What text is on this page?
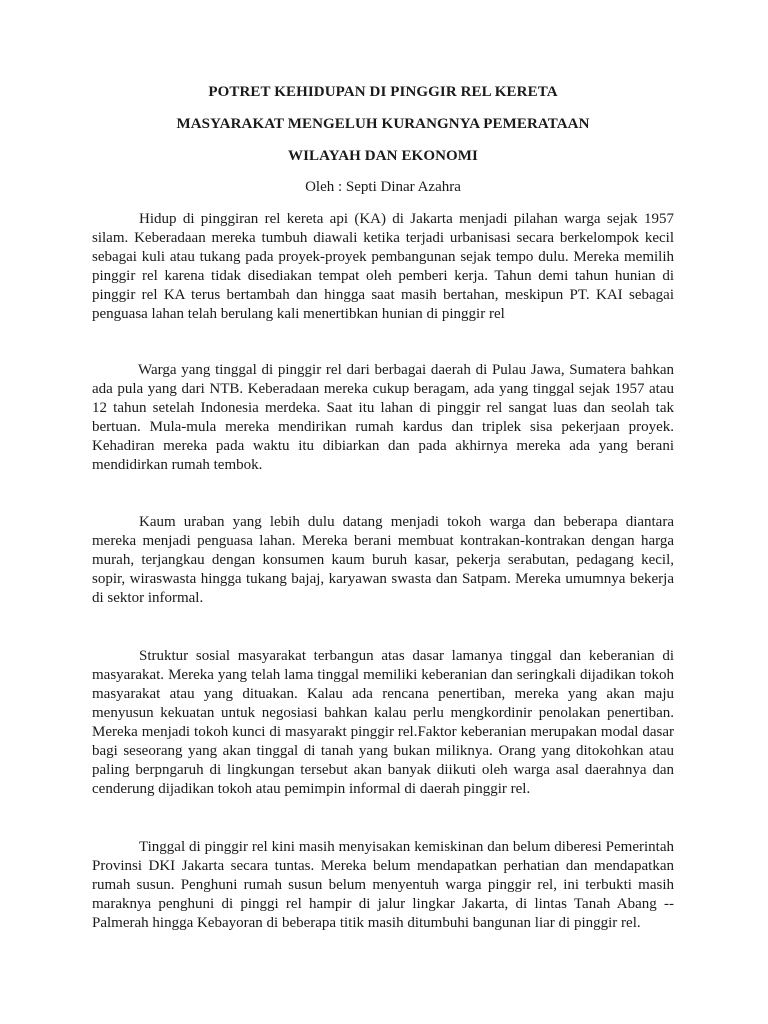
POTRET KEHIDUPAN DI PINGGIR REL KERETA
MASYARAKAT MENGELUH KURANGNYA PEMERATAAN
WILAYAH DAN EKONOMI
Oleh : Septi Dinar Azahra

Hidup di pinggiran rel kereta api (KA) di Jakarta menjadi pilahan warga sejak 1957 silam. Keberadaan mereka tumbuh diawali ketika terjadi urbanisasi secara berkelompok kecil sebagai kuli atau tukang pada proyek-proyek pembangunan sejak tempo dulu. Mereka memilih pinggir rel karena tidak disediakan tempat oleh pemberi kerja. Tahun demi tahun hunian di pinggir rel KA terus bertambah dan hingga saat masih bertahan, meskipun PT. KAI sebagai penguasa lahan telah berulang kali menertibkan hunian di pinggir rel

Warga yang tinggal di pinggir rel dari berbagai daerah di Pulau Jawa, Sumatera bahkan ada pula yang dari NTB. Keberadaan mereka cukup beragam, ada yang tinggal sejak 1957 atau 12 tahun setelah Indonesia merdeka. Saat itu lahan di pinggir rel sangat luas dan seolah tak bertuan. Mula-mula mereka mendirikan rumah kardus dan triplek sisa pekerjaan proyek. Kehadiran mereka pada waktu itu dibiarkan dan pada akhirnya mereka ada yang berani mendidirkan rumah tembok.

Kaum uraban yang lebih dulu datang menjadi tokoh warga dan beberapa diantara mereka menjadi penguasa lahan. Mereka berani membuat kontrakan-kontrakan dengan harga murah, terjangkau dengan konsumen kaum buruh kasar, pekerja serabutan, pedagang kecil, sopir, wiraswasta hingga tukang bajaj, karyawan swasta dan Satpam. Mereka umumnya bekerja di sektor informal.

Struktur sosial masyarakat terbangun atas dasar lamanya tinggal dan keberanian di masyarakat. Mereka yang telah lama tinggal memiliki keberanian dan seringkali dijadikan tokoh masyarakat atau yang dituakan. Kalau ada rencana penertiban, mereka yang akan maju menyusun kekuatan untuk negosiasi bahkan kalau perlu mengkordinir penolakan penertiban. Mereka menjadi tokoh kunci di masyarakt pinggir rel.Faktor keberanian merupakan modal dasar bagi seseorang yang akan tinggal di tanah yang bukan miliknya. Orang yang ditokohkan atau paling berpngaruh di lingkungan tersebut akan banyak diikuti oleh warga asal daerahnya dan cenderung dijadikan tokoh atau pemimpin informal di daerah pinggir rel.

Tinggal di pinggir rel kini masih menyisakan kemiskinan dan belum diberesi Pemerintah Provinsi DKI Jakarta secara tuntas. Mereka belum mendapatkan perhatian dan mendapatkan rumah susun. Penghuni rumah susun belum menyentuh warga pinggir rel, ini terbukti masih maraknya penghuni di pinggi rel hampir di jalur lingkar Jakarta, di lintas Tanah Abang -- Palmerah hingga Kebayoran di beberapa titik masih ditumbuhi bangunan liar di pinggir rel.
